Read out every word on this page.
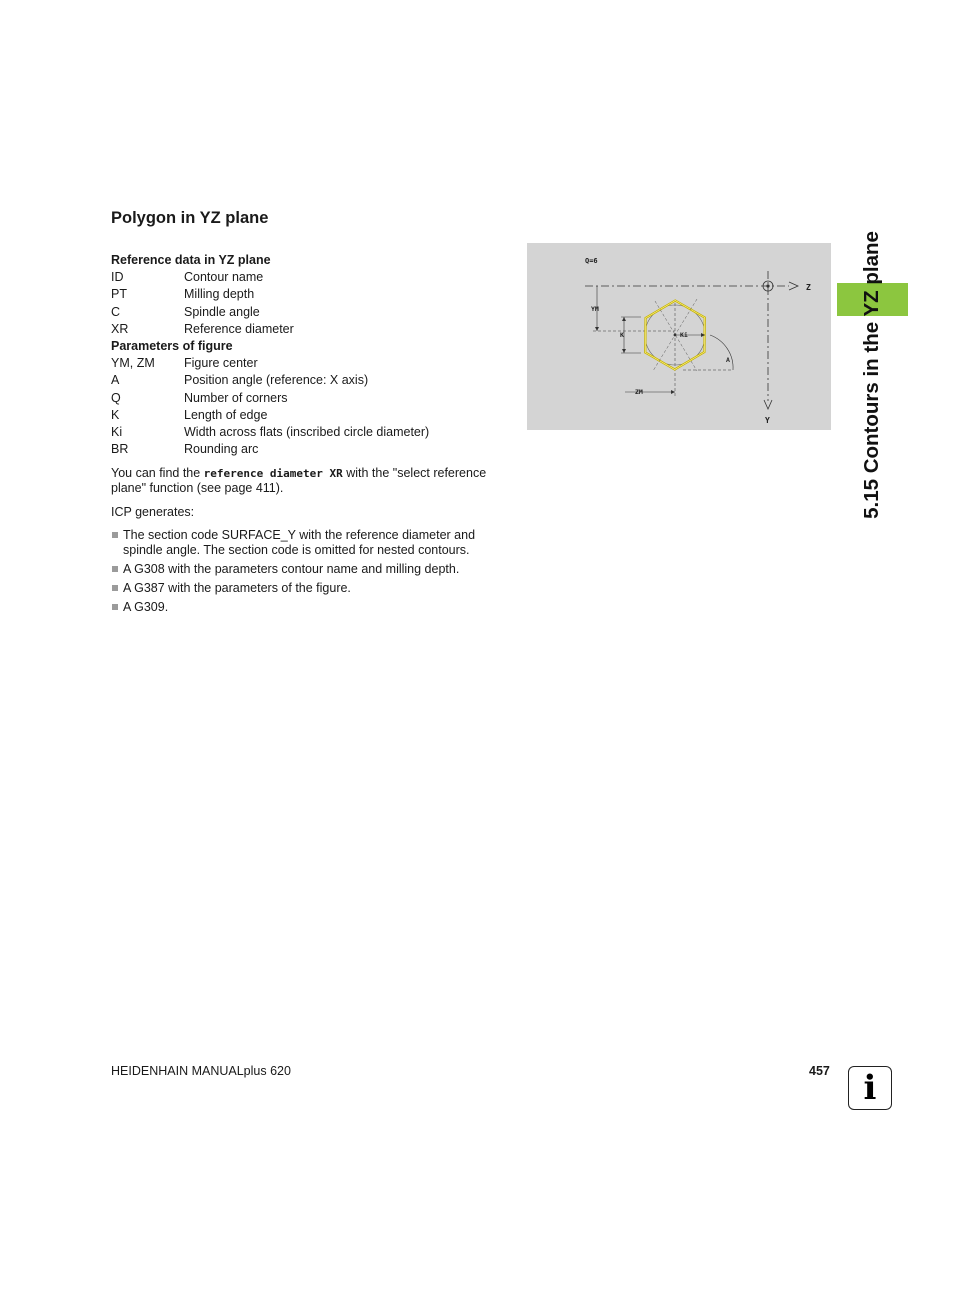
Polygon in YZ plane
Reference data in YZ plane
ID	Contour name
PT	Milling depth
C	Spindle angle
XR	Reference diameter
Parameters of figure
YM, ZM	Figure center
A	Position angle (reference: X axis)
Q	Number of corners
K	Length of edge
Ki	Width across flats (inscribed circle diameter)
BR	Rounding arc
You can find the reference diameter XR with the "select reference plane" function (see page 411).
ICP generates:
The section code SURFACE_Y with the reference diameter and spindle angle. The section code is omitted for nested contours.
A G308 with the parameters contour name and milling depth.
A G387 with the parameters of the figure.
A G309.
Q=6
Z
Y
YM
ZM
K	Ki
A	5.15 Contours in the YZ plane
HEIDENHAIN MANUALplus 620	457 i
